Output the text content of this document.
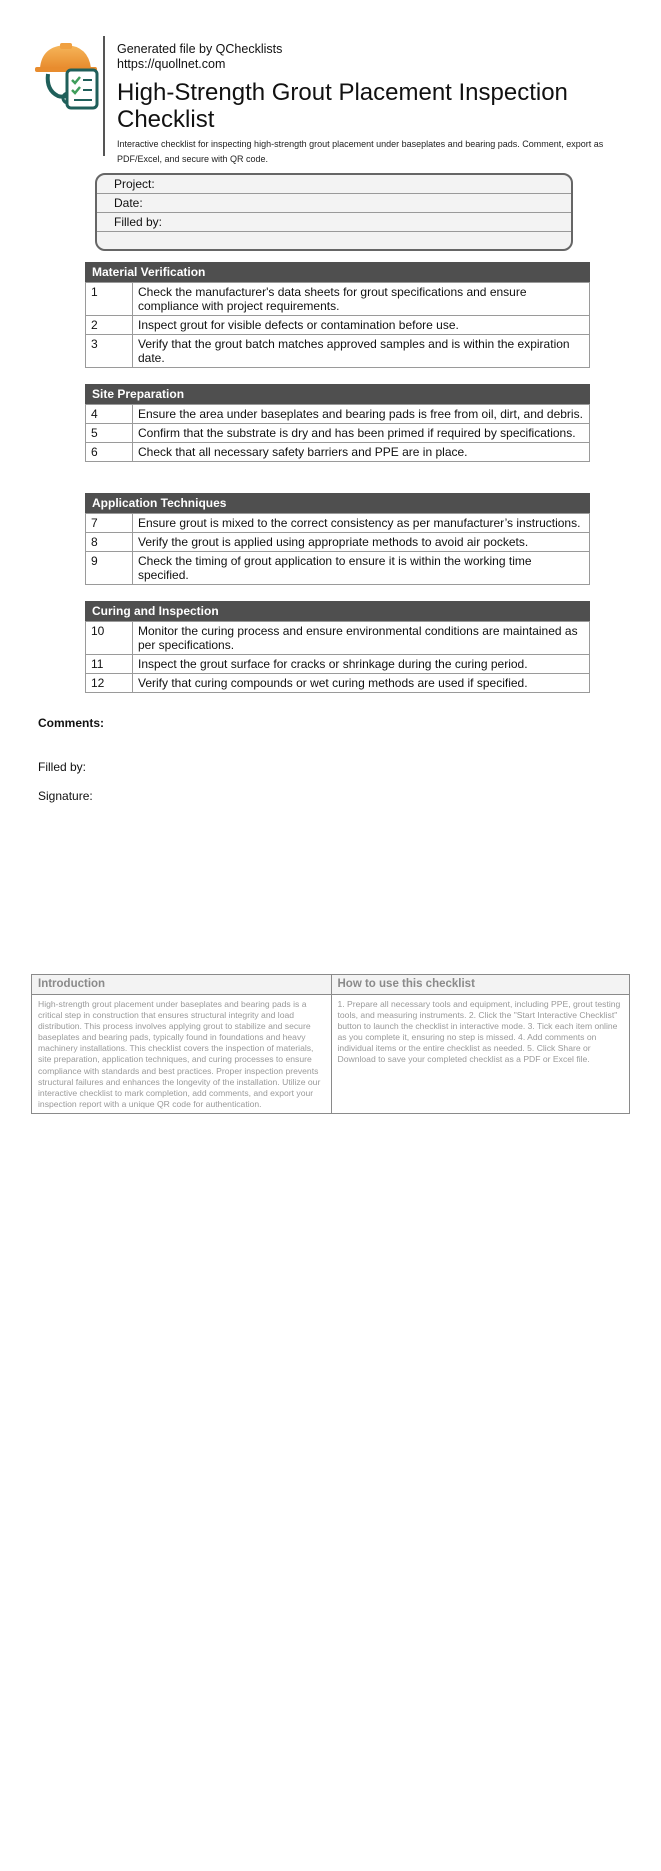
Generated file by QChecklists
https://quollnet.com
High-Strength Grout Placement Inspection Checklist
Interactive checklist for inspecting high-strength grout placement under baseplates and bearing pads. Comment, export as PDF/Excel, and secure with QR code.
Project:
Date:
Filled by:
Material Verification
1	Check the manufacturer's data sheets for grout specifications and ensure compliance with project requirements.
2	Inspect grout for visible defects or contamination before use.
3	Verify that the grout batch matches approved samples and is within the expiration date.
Site Preparation
4	Ensure the area under baseplates and bearing pads is free from oil, dirt, and debris.
5	Confirm that the substrate is dry and has been primed if required by specifications.
6	Check that all necessary safety barriers and PPE are in place.
Application Techniques
7	Ensure grout is mixed to the correct consistency as per manufacturer’s instructions.
8	Verify the grout is applied using appropriate methods to avoid air pockets.
9	Check the timing of grout application to ensure it is within the working time specified.
Curing and Inspection
10	Monitor the curing process and ensure environmental conditions are maintained as per specifications.
11	Inspect the grout surface for cracks or shrinkage during the curing period.
12	Verify that curing compounds or wet curing methods are used if specified.
Comments:
Filled by:
Signature:
Introduction
High-strength grout placement under baseplates and bearing pads is a critical step in construction that ensures structural integrity and load distribution. This process involves applying grout to stabilize and secure baseplates and bearing pads, typically found in foundations and heavy machinery installations. This checklist covers the inspection of materials, site preparation, application techniques, and curing processes to ensure compliance with standards and best practices. Proper inspection prevents structural failures and enhances the longevity of the installation. Utilize our interactive checklist to mark completion, add comments, and export your inspection report with a unique QR code for authentication.
How to use this checklist
1. Prepare all necessary tools and equipment, including PPE, grout testing tools, and measuring instruments. 2. Click the "Start Interactive Checklist" button to launch the checklist in interactive mode. 3. Tick each item online as you complete it, ensuring no step is missed. 4. Add comments on individual items or the entire checklist as needed. 5. Click Share or Download to save your completed checklist as a PDF or Excel file.
